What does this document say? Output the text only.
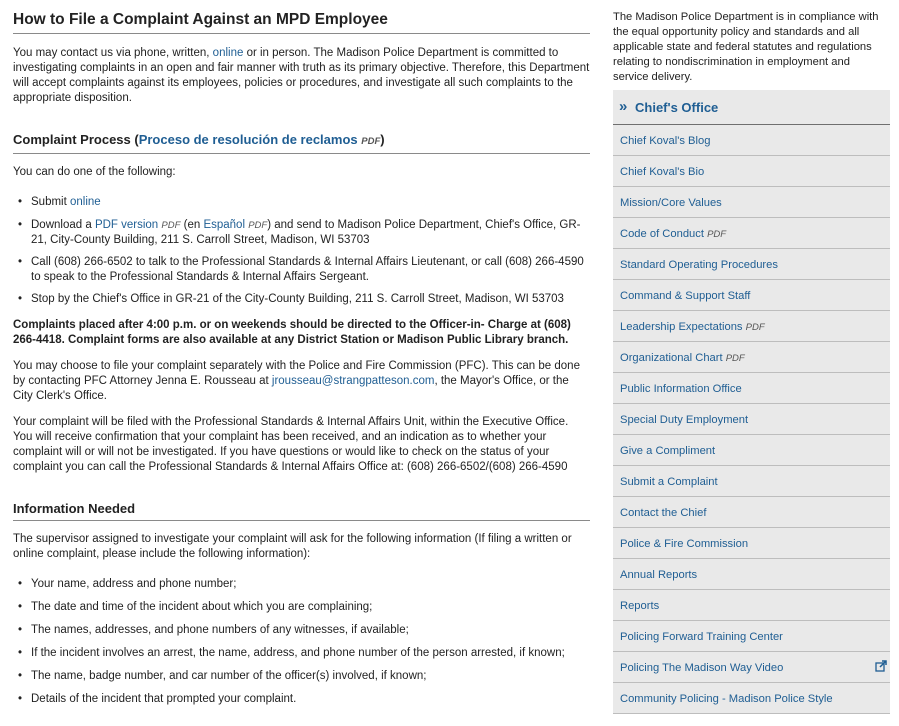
How to File a Complaint Against an MPD Employee

You may contact us via phone, written, online or in person. The Madison Police Department is committed to investigating complaints in an open and fair manner with truth as its primary objective. Therefore, this Department will accept complaints against its employees, policies or procedures, and investigate all such complaints to the appropriate disposition.

Complaint Process (Proceso de resolución de reclamos PDF)

You can do one of the following:

• Submit online
• Download a PDF version PDF (en Español PDF) and send to Madison Police Department, Chief's Office, GR-21, City-County Building, 211 S. Carroll Street, Madison, WI 53703
• Call (608) 266-6502 to talk to the Professional Standards & Internal Affairs Lieutenant, or call (608) 266-4590 to speak to the Professional Standards & Internal Affairs Sergeant.
• Stop by the Chief's Office in GR-21 of the City-County Building, 211 S. Carroll Street, Madison, WI 53703

Complaints placed after 4:00 p.m. or on weekends should be directed to the Officer-in- Charge at (608) 266-4418. Complaint forms are also available at any District Station or Madison Public Library branch.

You may choose to file your complaint separately with the Police and Fire Commission (PFC). This can be done by contacting PFC Attorney Jenna E. Rousseau at jrousseau@strangpatteson.com, the Mayor's Office, or the City Clerk's Office.

Your complaint will be filed with the Professional Standards & Internal Affairs Unit, within the Executive Office. You will receive confirmation that your complaint has been received, and an indication as to whether your complaint will or will not be investigated. If you have questions or would like to check on the status of your complaint you can call the Professional Standards & Internal Affairs Office at: (608) 266-6502/(608) 266-4590

Information Needed

The supervisor assigned to investigate your complaint will ask for the following information (If filing a written or online complaint, please include the following information):

• Your name, address and phone number;
• The date and time of the incident about which you are complaining;
• The names, addresses, and phone numbers of any witnesses, if available;
• If the incident involves an arrest, the name, address, and phone number of the person arrested, if known;
• The name, badge number, and car number of the officer(s) involved, if known;
• Details of the incident that prompted your complaint.

The Madison Police Department is in compliance with the equal opportunity policy and standards and all applicable state and federal statutes and regulations relating to nondiscrimination in employment and service delivery.

» Chief's Office
Chief Koval's Blog
Chief Koval's Bio
Mission/Core Values
Code of Conduct PDF
Standard Operating Procedures
Command & Support Staff
Leadership Expectations PDF
Organizational Chart PDF
Public Information Office
Special Duty Employment
Give a Compliment
Submit a Complaint
Contact the Chief
Police & Fire Commission
Annual Reports
Reports
Policing Forward Training Center
Policing The Madison Way Video
Community Policing - Madison Police Style
